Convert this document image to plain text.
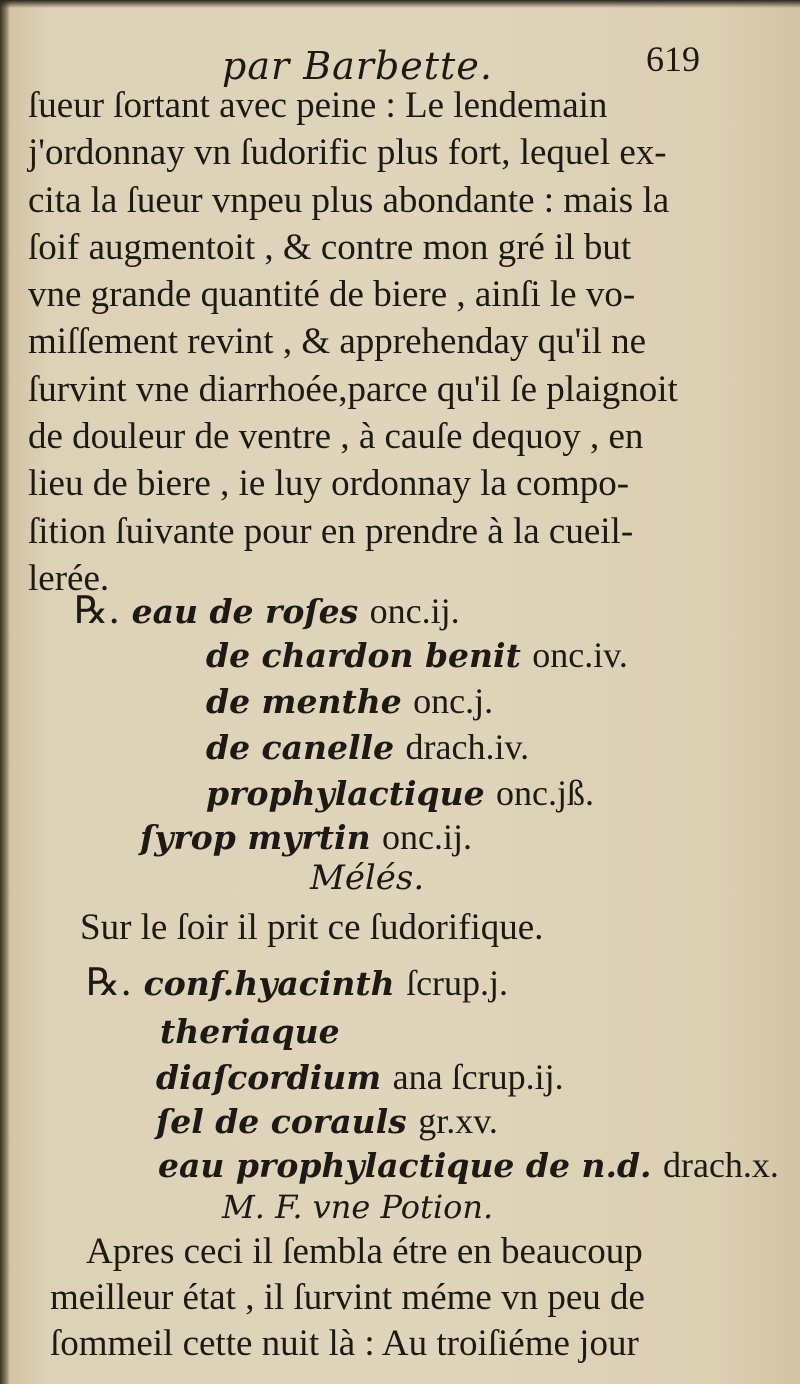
par Barbette.	619
ſueur ſortant avec peine : Le lendemain
j'ordonnay vn ſudorific plus fort, lequel ex-
cita la ſueur vnpeu plus abondante : mais la
ſoif augmentoit , & contre mon gré il but
vne grande quantité de biere , ainſi le vo-
miſſement revint , & apprehenday qu'il ne
ſurvint vne diarrhoée,parce qu'il ſe plaignoit
de douleur de ventre , à cauſe dequoy , en
lieu de biere , ie luy ordonnay la compo-
ſition ſuivante pour en prendre à la cueil-
lerée.
℞. eau de roſes onc.ij.
de chardon benit onc.iv.
de menthe onc.j.
de canelle drach.iv.
prophylactique onc.jß.
ſyrop myrtin onc.ij.
Mélés.
Sur le ſoir il prit ce ſudorifique.
℞. conf.hyacinth ſcrup.j.
theriaque
diaſcordium ana ſcrup.ij.
ſel de corauls gr.xv.
eau prophylactique de n.d. drach.x.
M. F. vne Potion.
Apres ceci il ſembla étre en beaucoup
meilleur état , il ſurvint méme vn peu de
ſommeil cette nuit là : Au troiſiéme jour
